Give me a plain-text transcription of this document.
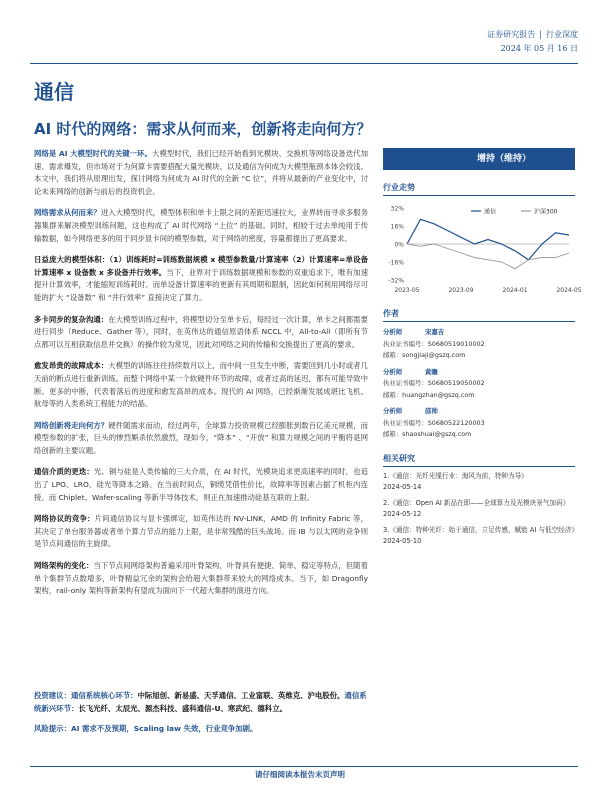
证券研究报告 | 行业深度
2024 年 05 月 16 日
通信
AI 时代的网络：需求从何而来，创新将走向何方？

网络是 AI 大模型时代的关键一环。大模型时代，我们已经开始看到光模块、交换机等网络设备迭代加速、需求爆发，但市场对于为何算卡需要搭配大量光模块、以及通信为何成为大模型瓶颈本体会较浅。本文中，我们将从原理出发，探讨网络为何成为 AI 时代的全新 “C 位”，并将从最新的产业变化中，讨论未来网络的创新与前后的投资机会。

网络需求从何而来？进入大模型时代，模型体积和单卡上限之间的差距迅速拉大，业界转而寻求多服务器集群来解决模型训练问题，这也构成了 AI 时代网络 “上位” 的基础。同时，相较于过去单纯用于传输数据，如今网络更多的用于同步显卡间的模型参数，对于网络的密度，容量都提出了更高要求。

日益庞大的模型体积：（1）训练耗时=训练数据规模 x 模型参数量/计算速率（2）计算速率=单设备计算速率 x 设备数 x 多设备并行效率。当下，业界对于训练数据规模和参数的双重追求下，唯有加速提升计算效率，才能缩短训练耗时。而单设备计算速率的更新有其周期和限制，因此如何利用网络尽可能的扩大 “设备数” 和 “并行效率” 直接决定了算力。

多卡同步的复杂沟通：在大模型训练过程中，将模型切分至单卡后，每经过一次计算，单卡之间都需要进行同步（Reduce、Gather 等），同时，在英伟达的通信原语体系 NCCL 中，All-to-All（即所有节点都可以互相获取信息并交换）的操作较为常见，因此对网络之间的传输和交换提出了更高的要求。

愈发昂贵的故障成本：大模型的训练往往持续数月以上，而中间一旦发生中断，需要回到几小时或者几天前的断点进行重新训练。而整个网络中某一个软硬件环节的故障，或者过高的延迟，都有可能导致中断。更多的中断，代表着落后的进度和愈发高昂的成本。现代的 AI 网络，已经渐渐发展成堪比飞机、航母等的人类系统工程能力的结晶。

网络创新将走向何方？硬件随需求而动，经过两年，全球算力投资规模已经膨胀到数百亿美元规模，而模型参数的扩张，巨头的惨烈厮杀依然激烈，现如今，“降本” 、“开放” 和算力规模之间的平衡将是网络创新的主要议题。

通信介质的更迭：光、铜与硅是人类传输的三大介质，在 AI 时代，光模块追求更高速率的同时，也追出了 LPO、LRO、硅光等降本之路。在当前时间点，铜缆凭借性价比，故障率等因素占据了机柜内连接。而 Chiplet、Wafer-scaling 等新半导体技术，则正在加速推动硅基互联的上限。

网络协议的竞争：片间通信协议与显卡强绑定，如英伟达的 NV-LINK，AMD 的 Infinity Fabric 等，其决定了单台服务器或者单个算力节点的能力上限，是非常残酷的巨头战场。而 IB 与以太网的竞争则是节点间通信的主旋律。

网络架构的变化：当下节点间网络架构普遍采用叶脊架构，叶脊具有便捷、简单、稳定等特点，但随着单个集群节点数增多，叶脊精益冗余的架构会给超大集群带来较大的网络成本。当下，如 Dragonfly 架构，rail-only 架构等新架构有望成为面向下一代超大集群的演进方向。

投资建议：通信系统核心环节：中际旭创、新易盛、天孚通信、工业富联、英维克、沪电股份。通信系统新兴环节：长飞光纤、太辰光、源杰科技、盛科通信-U、寒武纪、德科立。

风险提示：AI 需求不及预期，Scaling law 失效，行业竞争加剧。

增持（维持）
行业走势
32%
16%
0%
-16%
-32%
2023-05	2023-09	2024-01	2024-05
通信	沪深300
作者
分析师	宋嘉吉
执业证书编号：S0680519010002
邮箱：songjiaji@gszq.com
分析师	黄瞻
执业证书编号：S0680519050002
邮箱：huangzhan@gszq.com
分析师	邵帅
执业证书编号：S0680522120003
邮箱：shaoshuai@gszq.com
相关研究
1.《通信：光纤光缆行业：海风为前，特种为导》
2024-05-14
2.《通信：Open AI 新品在即——全球算力及光模块景气加码》
2024-05-12
3.《通信：特种光纤：始于通信，立足传感，赋能 AI 与低空经济》
2024-05-10
请仔细阅读本报告末页声明
